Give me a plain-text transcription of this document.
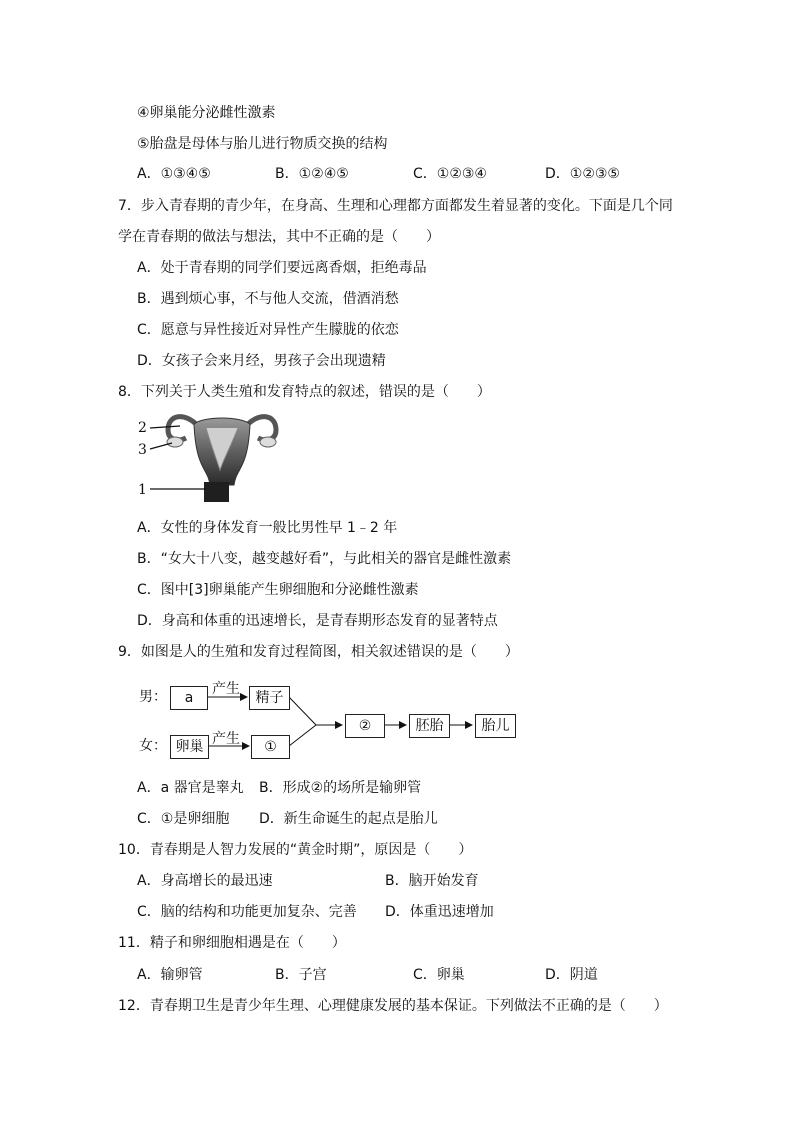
④卵巢能分泌雌性激素
⑤胎盘是母体与胎儿进行物质交换的结构
A．①③④⑤	B．①②④⑤	C．①②③④	D．①②③⑤
7．步入青春期的青少年，在身高、生理和心理都方面都发生着显著的变化。下面是几个同
学在青春期的做法与想法，其中不正确的是（　　）
A．处于青春期的同学们要远离香烟，拒绝毒品
B．遇到烦心事，不与他人交流，借酒消愁
C．愿意与异性接近对异性产生朦胧的依恋
D．女孩子会来月经，男孩子会出现遗精
8．下列关于人类生殖和发育特点的叙述，错误的是（　　）
2
3
1
A．女性的身体发育一般比男性早 1﹣2 年
B．“女大十八变，越变越好看”，与此相关的器官是雌性激素
C．图中[3]卵巢能产生卵细胞和分泌雌性激素
D．身高和体重的迅速增长，是青春期形态发育的显著特点
9．如图是人的生殖和发育过程简图，相关叙述错误的是（　　）
男：
女：
a	精子
卵巢	①
②	胚胎	胎儿
产生
产生
A．a 器官是睾丸 B．形成②的场所是输卵管
C．①是卵细胞 D．新生命诞生的起点是胎儿
10．青春期是人智力发展的“黄金时期”，原因是（　　）
A．身高增长的最迅速	B．脑开始发育
C．脑的结构和功能更加复杂、完善 D．体重迅速增加
11．精子和卵细胞相遇是在（　　）
A．输卵管	B．子宫	C．卵巢	D．阴道
12．青春期卫生是青少年生理、心理健康发展的基本保证。下列做法不正确的是（　　）
